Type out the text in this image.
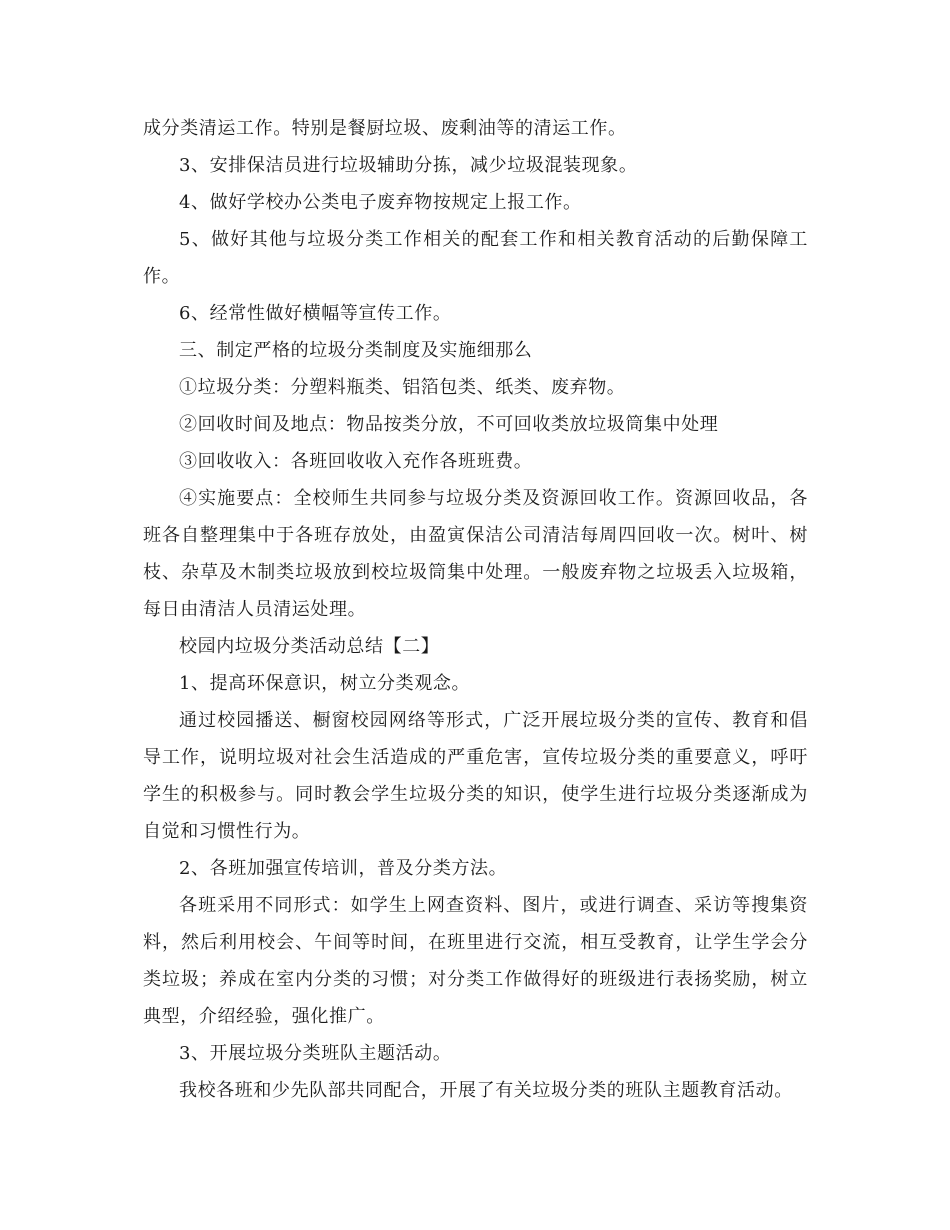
成分类清运工作。特别是餐厨垃圾、废剩油等的清运工作。

3、安排保洁员进行垃圾辅助分拣，减少垃圾混装现象。

4、做好学校办公类电子废弃物按规定上报工作。

5、做好其他与垃圾分类工作相关的配套工作和相关教育活动的后勤保障工作。

6、经常性做好横幅等宣传工作。

三、制定严格的垃圾分类制度及实施细那么

①垃圾分类：分塑料瓶类、铝箔包类、纸类、废弃物。

②回收时间及地点：物品按类分放，不可回收类放垃圾筒集中处理

③回收收入：各班回收收入充作各班班费。

④实施要点：全校师生共同参与垃圾分类及资源回收工作。资源回收品，各班各自整理集中于各班存放处，由盈寅保洁公司清洁每周四回收一次。树叶、树枝、杂草及木制类垃圾放到校垃圾筒集中处理。一般废弃物之垃圾丢入垃圾箱，每日由清洁人员清运处理。

校园内垃圾分类活动总结【二】

1、提高环保意识，树立分类观念。

通过校园播送、橱窗校园网络等形式，广泛开展垃圾分类的宣传、教育和倡导工作，说明垃圾对社会生活造成的严重危害，宣传垃圾分类的重要意义，呼吁学生的积极参与。同时教会学生垃圾分类的知识，使学生进行垃圾分类逐渐成为自觉和习惯性行为。

2、各班加强宣传培训，普及分类方法。

各班采用不同形式：如学生上网查资料、图片，或进行调查、采访等搜集资料，然后利用校会、午间等时间，在班里进行交流，相互受教育，让学生学会分类垃圾；养成在室内分类的习惯；对分类工作做得好的班级进行表扬奖励，树立典型，介绍经验，强化推广。

3、开展垃圾分类班队主题活动。

我校各班和少先队部共同配合，开展了有关垃圾分类的班队主题教育活动。
